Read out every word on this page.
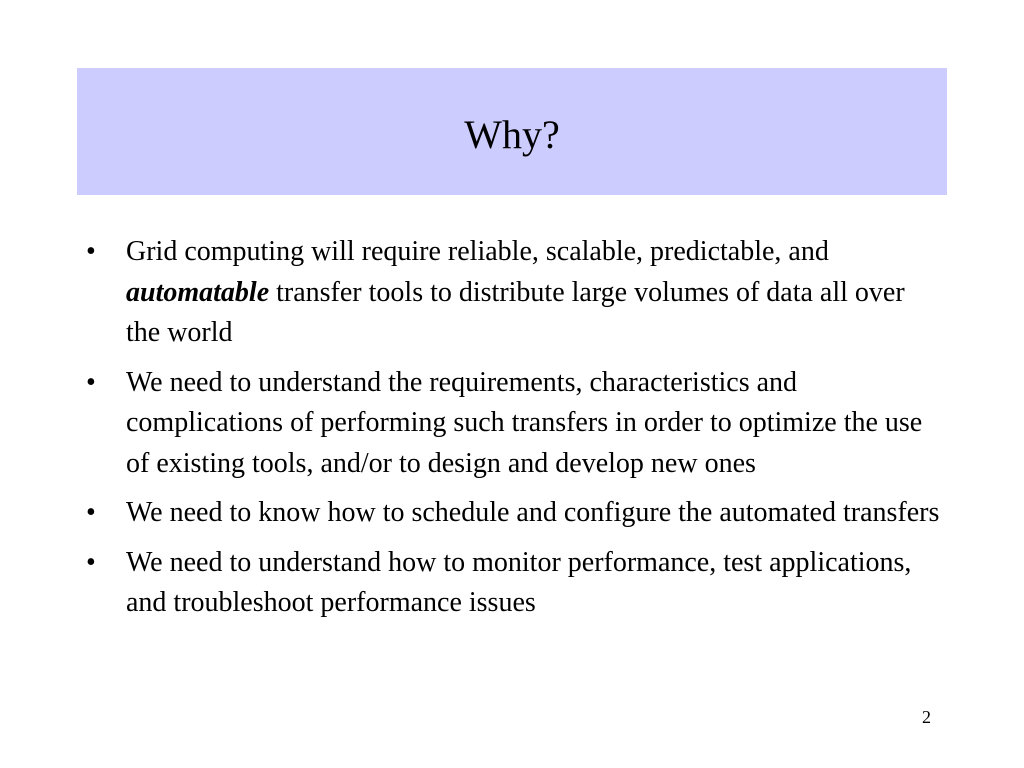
Why?
• Grid computing will require reliable, scalable, predictable, and automatable transfer tools to distribute large volumes of data all over the world
• We need to understand the requirements, characteristics and complications of performing such transfers in order to optimize the use of existing tools, and/or to design and develop new ones
• We need to know how to schedule and configure the automated transfers
• We need to understand how to monitor performance, test applications, and troubleshoot performance issues
2
